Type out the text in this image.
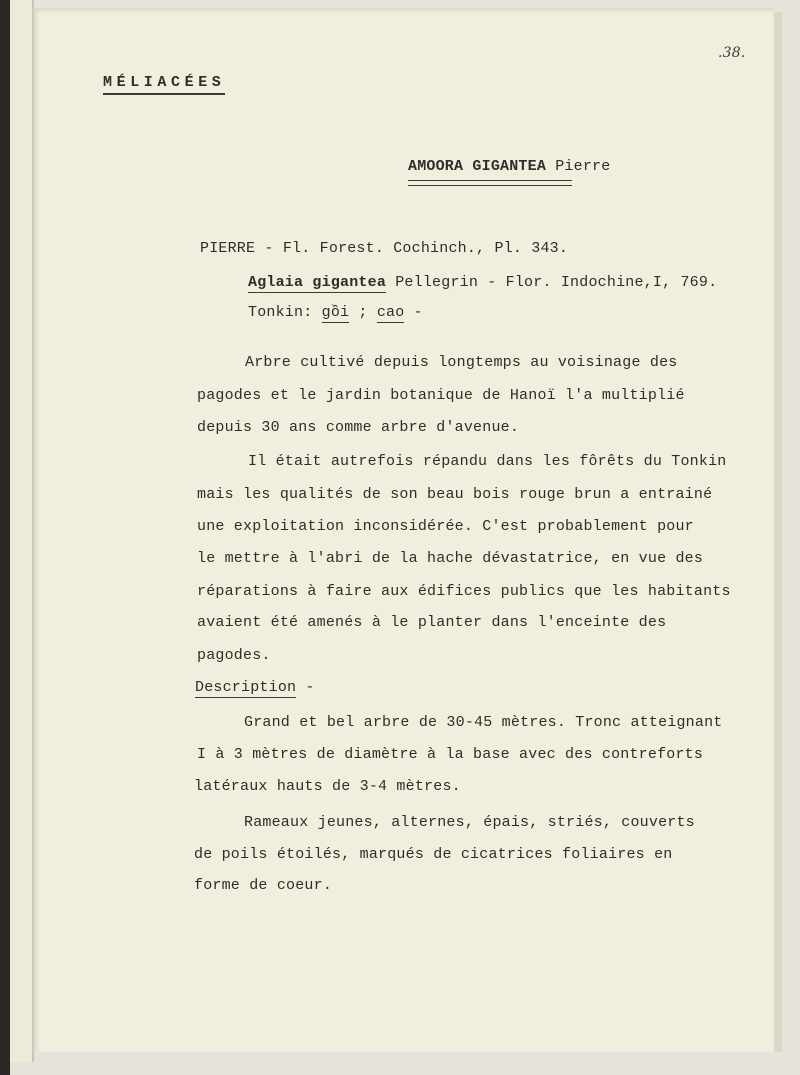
.38.
MÉLIACÉES
AMOORA GIGANTEA Pierre
PIERRE - Fl. Forest. Cochinch., Pl. 343.
Aglaia gigantea Pellegrin - Flor. Indochine,I, 769.
Tonkin: gồi ; cao -
Arbre cultivé depuis longtemps au voisinage des
pagodes et le jardin botanique de Hanoï l'a multiplié
depuis 30 ans comme arbre d'avenue.
Il était autrefois répandu dans les fôrêts du Tonkin
mais les qualités de son beau bois rouge brun a entrainé
une exploitation inconsidérée. C'est probablement pour
le mettre à l'abri de la hache dévastatrice, en vue des
réparations à faire aux édifices publics que les habitants
avaient été amenés à le planter dans l'enceinte des
pagodes.
Description -
Grand et bel arbre de 30-45 mètres. Tronc atteignant
I à 3 mètres de diamètre à la base avec des contreforts
latéraux hauts de 3-4 mètres.
Rameaux jeunes, alternes, épais, striés, couverts
de poils étoilés, marqués de cicatrices foliaires en
forme de coeur.
